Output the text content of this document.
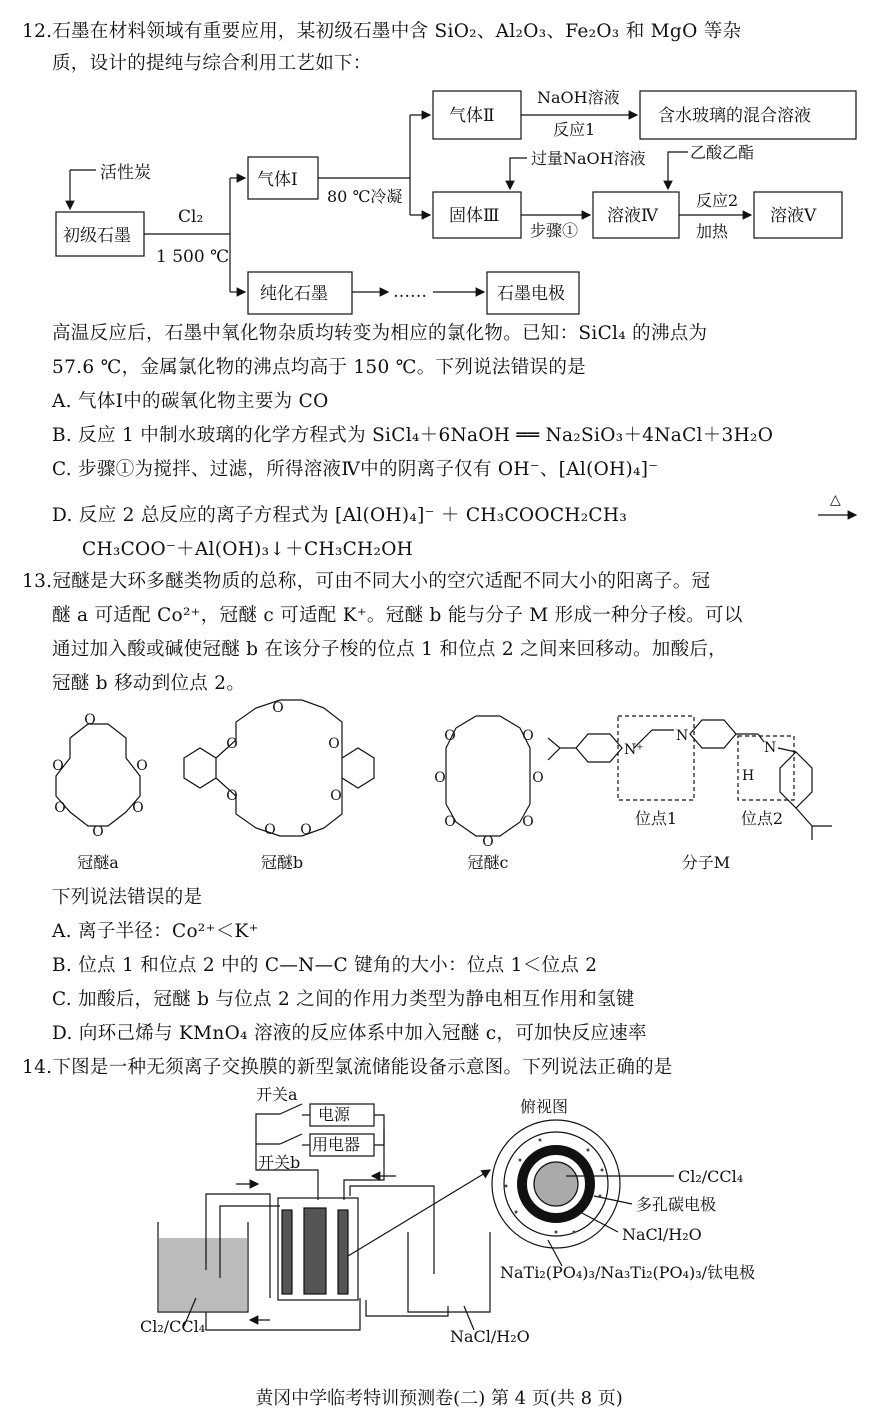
12.石墨在材料领域有重要应用，某初级石墨中含 SiO₂、Al₂O₃、Fe₂O₃ 和 MgO 等杂
质，设计的提纯与综合利用工艺如下：
活性炭
初级石墨
Cl₂
1 500 ℃
气体Ⅰ
80 ℃冷凝
气体Ⅱ
NaOH溶液
反应1
含水玻璃的混合溶液
过量NaOH溶液	乙酸乙酯
固体Ⅲ
步骤①
溶液Ⅳ
反应2
加热
溶液Ⅴ
纯化石墨	……	石墨电极
高温反应后，石墨中氧化物杂质均转变为相应的氯化物。已知：SiCl₄ 的沸点为
57.6 ℃，金属氯化物的沸点均高于 150 ℃。下列说法错误的是
A. 气体Ⅰ中的碳氧化物主要为 CO
B. 反应 1 中制水玻璃的化学方程式为 SiCl₄＋6NaOH ══ Na₂SiO₃＋4NaCl＋3H₂O
C. 步骤①为搅拌、过滤，所得溶液Ⅳ中的阴离子仅有 OH⁻、[Al(OH)₄]⁻
D. 反应 2 总反应的离子方程式为 [Al(OH)₄]⁻ ＋ CH₃COOCH₂CH₃
△
CH₃COO⁻＋Al(OH)₃↓＋CH₃CH₂OH
13.冠醚是大环多醚类物质的总称，可由不同大小的空穴适配不同大小的阳离子。冠
醚 a 可适配 Co²⁺，冠醚 c 可适配 K⁺。冠醚 b 能与分子 M 形成一种分子梭。可以
通过加入酸或碱使冠醚 b 在该分子梭的位点 1 和位点 2 之间来回移动。加酸后，
冠醚 b 移动到位点 2。
O
O
O
O
O
O
O
O
O
O
O O
O
O	O
O	O
O	O
O
N⁺
N
N
H
冠醚a	冠醚b	冠醚c	分子M
位点1	位点2
下列说法错误的是
A. 离子半径：Co²⁺＜K⁺
B. 位点 1 和位点 2 中的 C—N—C 键角的大小：位点 1＜位点 2
C. 加酸后，冠醚 b 与位点 2 之间的作用力类型为静电相互作用和氢键
D. 向环己烯与 KMnO₄ 溶液的反应体系中加入冠醚 c，可加快反应速率
14.下图是一种无须离子交换膜的新型氯流储能设备示意图。下列说法正确的是
开关a
电源
用电器
开关b
俯视图
Cl₂/CCl₄
多孔碳电极
NaCl/H₂O
NaTi₂(PO₄)₃/Na₃Ti₂(PO₄)₃/钛电极
Cl₂/CCl₄
NaCl/H₂O
黄冈中学临考特训预测卷(二) 第 4 页(共 8 页)
